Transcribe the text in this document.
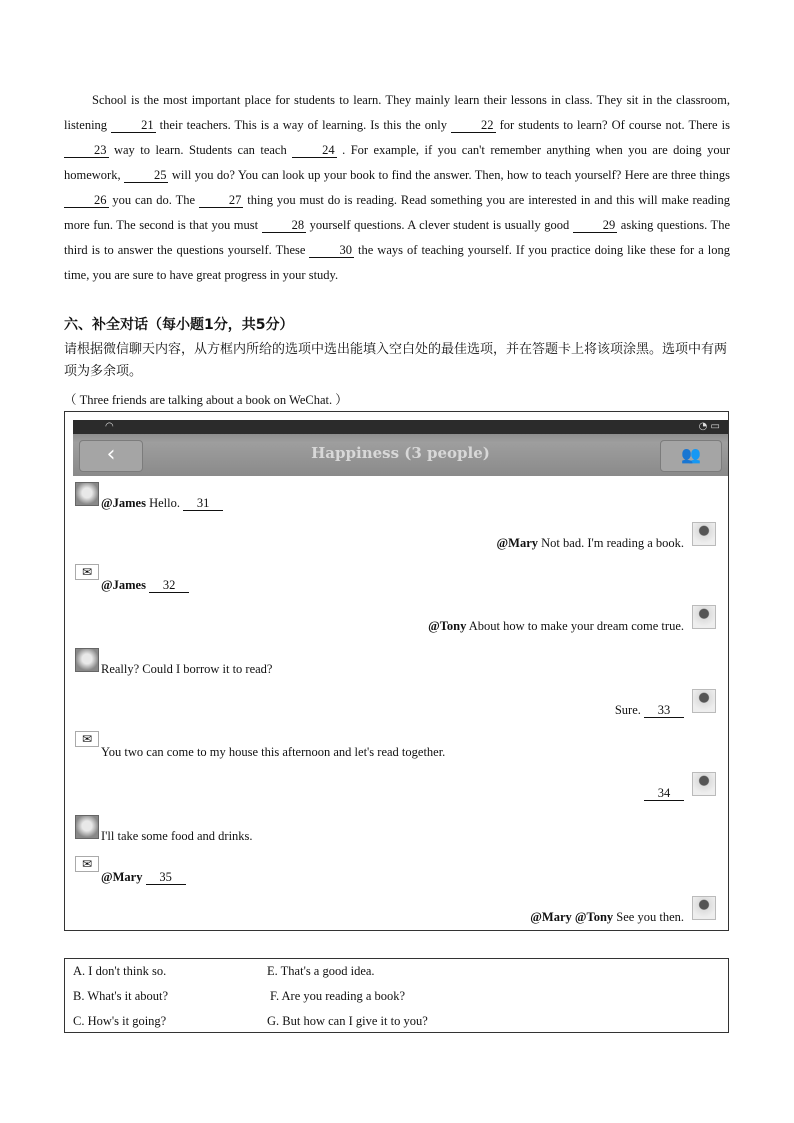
School is the most important place for students to learn. They mainly learn their lessons in class. They sit in the classroom, listening 21 their teachers. This is a way of learning. Is this the only 22 for students to learn? Of course not. There is 23 way to learn. Students can teach 24 . For example, if you can't remember anything when you are doing your homework, 25 will you do? You can look up your book to find the answer. Then, how to teach yourself? Here are three things 26 you can do. The 27 thing you must do is reading. Read something you are interested in and this will make reading more fun. The second is that you must 28 yourself questions. A clever student is usually good 29 asking questions. The third is to answer the questions yourself. These 30 the ways of teaching yourself. If you practice doing like these for a long time, you are sure to have great progress in your study.

六、补全对话（每小题1分，共5分）
请根据微信聊天内容，从方框内所给的选项中选出能填入空白处的最佳选项，并在答题卡上将该项涂黑。选项中有两项为多余项。
（ Three friends are talking about a book on WeChat. ）
◠	◔ ▭
‹	Happiness (3 people)	👥
@James Hello. 31
@Mary Not bad. I'm reading a book.
✉
@James 32
@Tony About how to make your dream come true.
Really? Could I borrow it to read?
Sure. 33
✉
You two can come to my house this afternoon and let's read together.
34
I'll take some food and drinks.
✉
@Mary 35
@Mary @Tony See you then.
A. I don't think so.
B. What's it about?
C. How's it going?
E. That's a good idea.
F. Are you reading a book?
G. But how can I give it to you?
